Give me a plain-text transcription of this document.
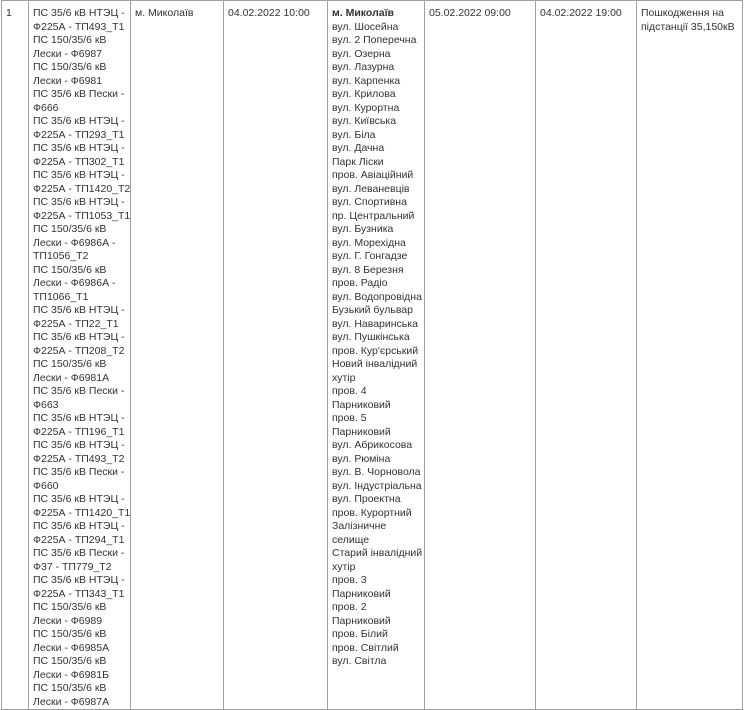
1	ПС 35/6 кВ НТЭЦ -
Ф225А - ТП493_Т1
ПС 150/35/6 кВ
Лески - Ф6987
ПС 150/35/6 кВ
Лески - Ф6981
ПС 35/6 кВ Пески -
Ф666
ПС 35/6 кВ НТЭЦ -
Ф225А - ТП293_Т1
ПС 35/6 кВ НТЭЦ -
Ф225А - ТП302_Т1
ПС 35/6 кВ НТЭЦ -
Ф225А - ТП1420_Т2
ПС 35/6 кВ НТЭЦ -
Ф225А - ТП1053_Т1
ПС 150/35/6 кВ
Лески - Ф6986А -
ТП1056_Т2
ПС 150/35/6 кВ
Лески - Ф6986А -
ТП1066_Т1
ПС 35/6 кВ НТЭЦ -
Ф225А - ТП22_Т1
ПС 35/6 кВ НТЭЦ -
Ф225А - ТП208_Т2
ПС 150/35/6 кВ
Лески - Ф6981А
ПС 35/6 кВ Пески -
Ф663
ПС 35/6 кВ НТЭЦ -
Ф225А - ТП196_Т1
ПС 35/6 кВ НТЭЦ -
Ф225А - ТП493_Т2
ПС 35/6 кВ Пески -
Ф660
ПС 35/6 кВ НТЭЦ -
Ф225А - ТП1420_Т1
ПС 35/6 кВ НТЭЦ -
Ф225А - ТП294_Т1
ПС 35/6 кВ Пески -
Ф37 - ТП779_Т2
ПС 35/6 кВ НТЭЦ -
Ф225А - ТП343_Т1
ПС 150/35/6 кВ
Лески - Ф6989
ПС 150/35/6 кВ
Лески - Ф6985А
ПС 150/35/6 кВ
Лески - Ф6981Б
ПС 150/35/6 кВ
Лески - Ф6987А
	м. Миколаїв	04.02.2022 10:00	м. Миколаїв
вул. Шосейна
вул. 2 Поперечна
вул. Озерна
вул. Лазурна
вул. Карпенка
вул. Крилова
вул. Курортна
вул. Київська
вул. Біла
вул. Дачна
Парк Ліски
пров. Авіаційний
вул. Леваневців
вул. Спортивна
пр. Центральний
вул. Бузника
вул. Морехідна
вул. Г. Гонгадзе
вул. 8 Березня
пров. Радіо
вул. Водопровідна
Бузький бульвар
вул. Наваринська
вул. Пушкінська
пров. Кур'єрський
Новий інвалідний
хутір
пров. 4
Парниковий
пров. 5
Парниковий
вул. Абрикосова
вул. Рюміна
вул. В. Чорновола
вул. Індустріальна
вул. Проектна
пров. Курортний
Залізничне
селище
Старий інвалідний
хутір
пров. 3
Парниковий
пров. 2
Парниковий
пров. Білий
пров. Світлий
вул. Світла
	05.02.2022 09:00	04.02.2022 19:00	Пошкодження на підстанції 35,150кВ
